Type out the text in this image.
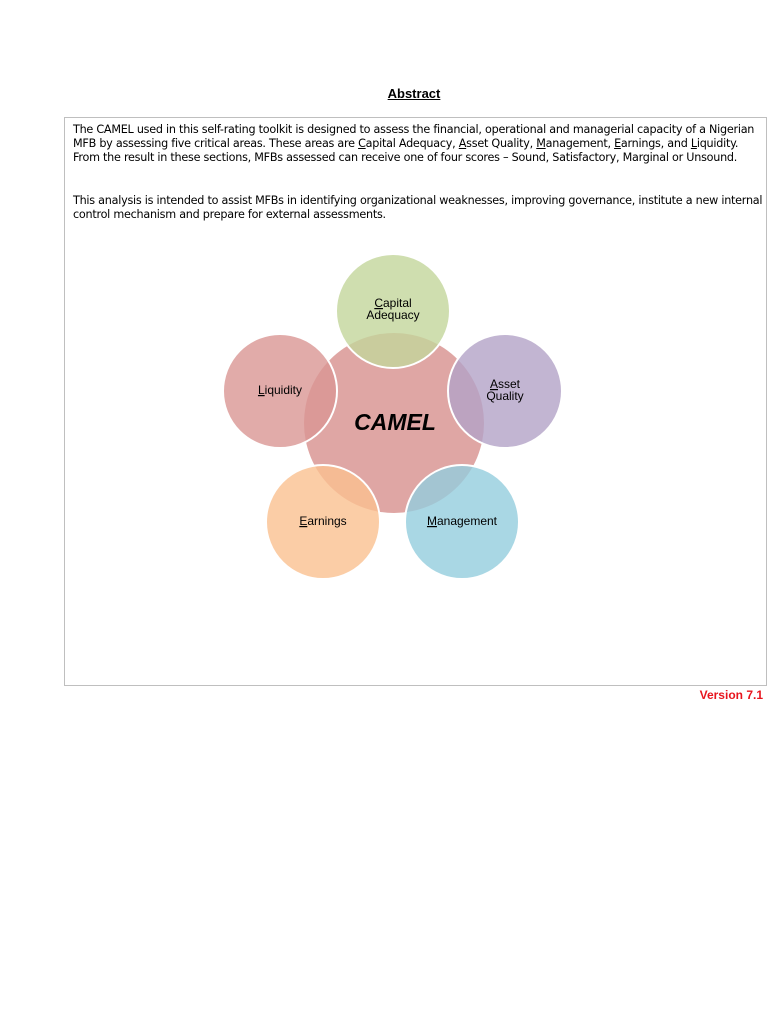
Abstract
The CAMEL used in this self-rating toolkit is designed to assess the financial, operational and managerial capacity of a Nigerian MFB by assessing five critical areas. These areas are Capital Adequacy, Asset Quality, Management, Earnings, and Liquidity. From the result in these sections, MFBs assessed can receive one of four scores – Sound, Satisfactory, Marginal or Unsound.
This analysis is intended to assist MFBs in identifying organizational weaknesses, improving governance, institute a new internal control mechanism and prepare for external assessments.
CAMEL
Capital
Adequacy
Asset
Quality
Management
Earnings
Liquidity
Version 7.1
